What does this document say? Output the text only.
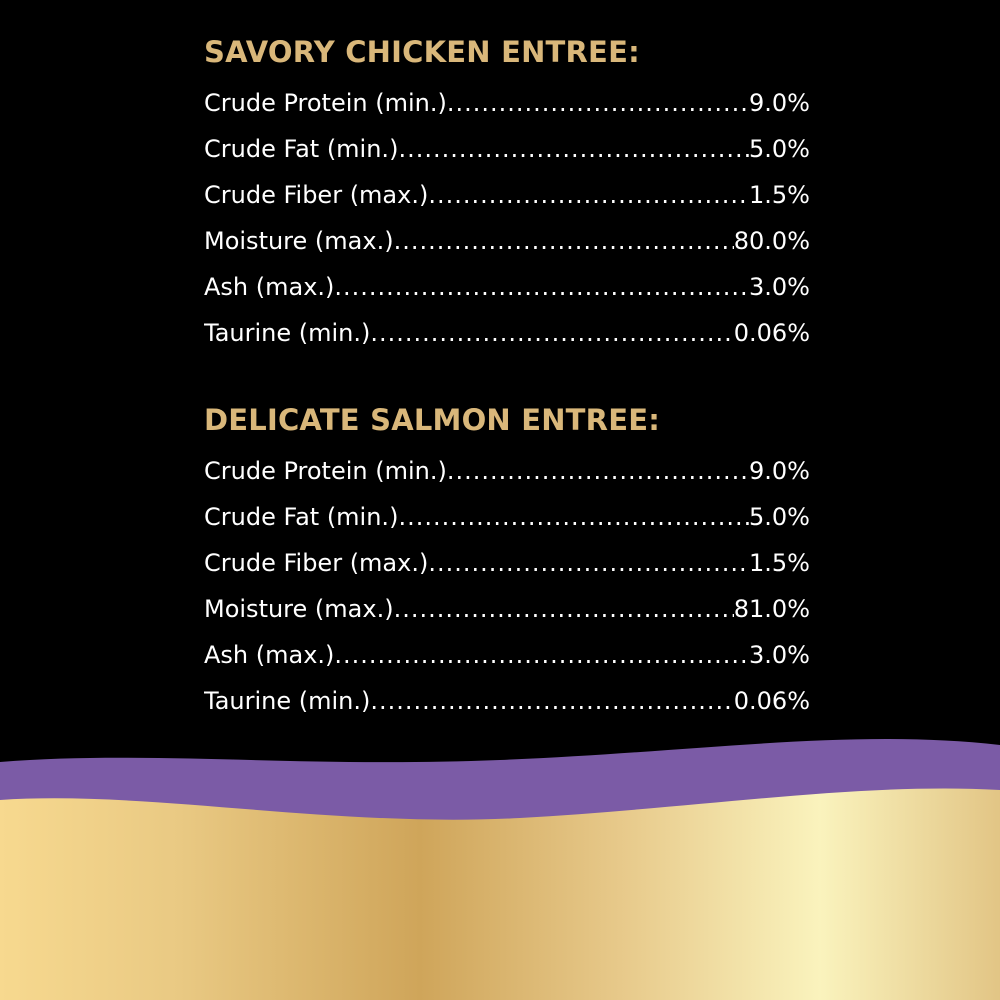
SAVORY CHICKEN ENTREE:
Crude Protein (min.) .....	9.0%
Crude Fat (min.) .....	5.0%
Crude Fiber (max.) .....	1.5%
Moisture (max.) .....	80.0%
Ash (max.) .....	3.0%
Taurine (min.) .....	0.06%
DELICATE SALMON ENTREE:
Crude Protein (min.) .....	9.0%
Crude Fat (min.) .....	5.0%
Crude Fiber (max.) .....	1.5%
Moisture (max.) .....	81.0%
Ash (max.) .....	3.0%
Taurine (min.) .....	0.06%
